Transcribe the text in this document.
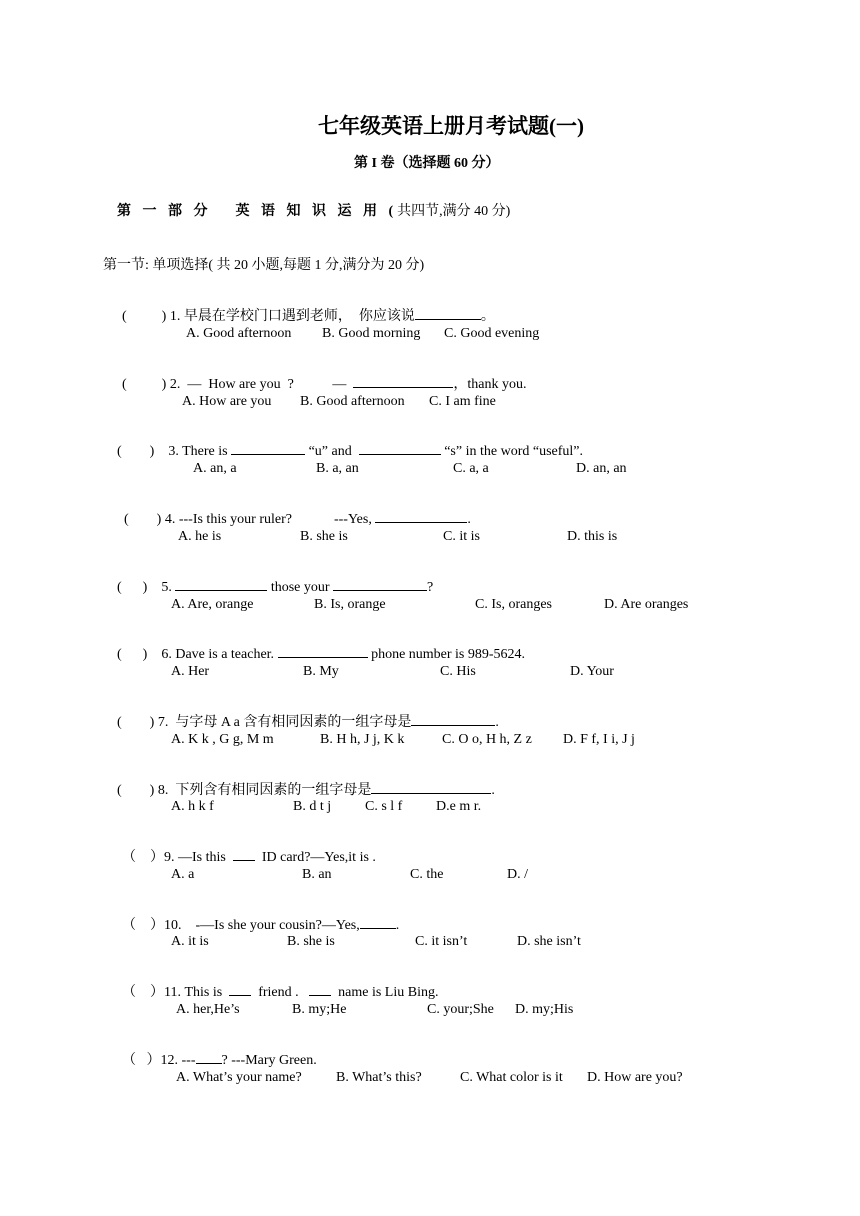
七年级英语上册月考试题(一)
第 I 卷（选择题 60 分）

第 一 部 分 英 语 知 识 运 用 (共四节,满分 40 分)

第一节: 单项选择( 共 20 小题,每题 1 分,满分为 20 分)

(          ) 1. 早晨在学校门口遇到老师，  你应该说	。

A. Good afternoon B. Good morning C. Good evening

(          ) 2.  —  How are you  ?           —	，thank you.

A. How are you B. Good afternoon C. I am fine

(        ) 3. There is	“u” and	“s” in the word “useful”.

A. an, a	B. a, an	C. a, a	D. an, an

(        ) 4. ---Is this your ruler?            ---Yes,	.

A. he is	B. she is	C. it is	D. this is

(      ) 5.	those your	?

A. Are, orange	B. Is, orange	C. Is, oranges	D. Are oranges

(      ) 6. Dave is a teacher.	phone number is 989-5624.

A. Her	B. My	C. His	D. Your

(        ) 7.  与字母 A a 含有相同因素的一组字母是	.

A. K k , G g, M m	B. H h, J j, K k	C. O o, H h, Z z D. F f, I i, J j

(        ) 8.  下列含有相同因素的一组字母是	.

A. h k f	B. d t j C. s l f D.e m r.

（    ）9. —Is this    ID card?—Yes,it is .

A. a	B. an	C. the	D. /

（    ）10.    -—Is she your cousin?—Yes,	.

A. it is	B. she is	C. it isn’t	D. she isn’t

（    ）11. This is    friend .     name is Liu Bing.

A. her,He’s	B. my;He	C. your;She D. my;His

（   ）12. --- ? ---Mary Green.

A. What’s your name? B. What’s this?	C. What color is it D. How are you?
